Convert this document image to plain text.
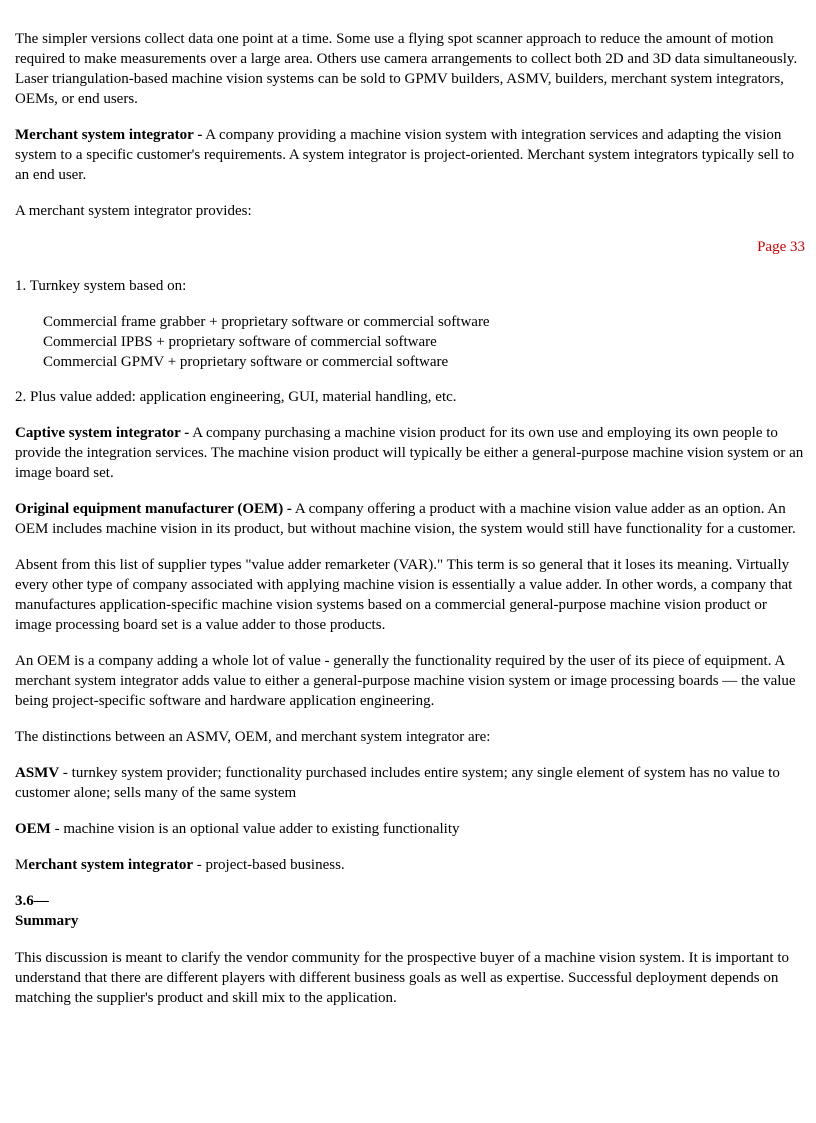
The simpler versions collect data one point at a time. Some use a flying spot scanner approach to reduce the amount of motion required to make measurements over a large area. Others use camera arrangements to collect both 2D and 3D data simultaneously. Laser triangulation-based machine vision systems can be sold to GPMV builders, ASMV, builders, merchant system integrators, OEMs, or end users.

Merchant system integrator - A company providing a machine vision system with integration services and adapting the vision system to a specific customer's requirements. A system integrator is project-oriented. Merchant system integrators typically sell to an end user.

A merchant system integrator provides:

Page 33

1. Turnkey system based on:

Commercial frame grabber + proprietary software or commercial software
Commercial IPBS + proprietary software of commercial software
Commercial GPMV + proprietary software or commercial software

2. Plus value added: application engineering, GUI, material handling, etc.

Captive system integrator - A company purchasing a machine vision product for its own use and employing its own people to provide the integration services. The machine vision product will typically be either a general-purpose machine vision system or an image board set.

Original equipment manufacturer (OEM) - A company offering a product with a machine vision value adder as an option. An OEM includes machine vision in its product, but without machine vision, the system would still have functionality for a customer.

Absent from this list of supplier types "value adder remarketer (VAR)." This term is so general that it loses its meaning. Virtually every other type of company associated with applying machine vision is essentially a value adder. In other words, a company that manufactures application-specific machine vision systems based on a commercial general-purpose machine vision product or image processing board set is a value adder to those products.

An OEM is a company adding a whole lot of value - generally the functionality required by the user of its piece of equipment. A merchant system integrator adds value to either a general-purpose machine vision system or image processing boards — the value being project-specific software and hardware application engineering.

The distinctions between an ASMV, OEM, and merchant system integrator are:

ASMV - turnkey system provider; functionality purchased includes entire system; any single element of system has no value to customer alone; sells many of the same system

OEM - machine vision is an optional value adder to existing functionality

Merchant system integrator - project-based business.

3.6—
Summary

This discussion is meant to clarify the vendor community for the prospective buyer of a machine vision system. It is important to understand that there are different players with different business goals as well as expertise. Successful deployment depends on matching the supplier's product and skill mix to the application.
